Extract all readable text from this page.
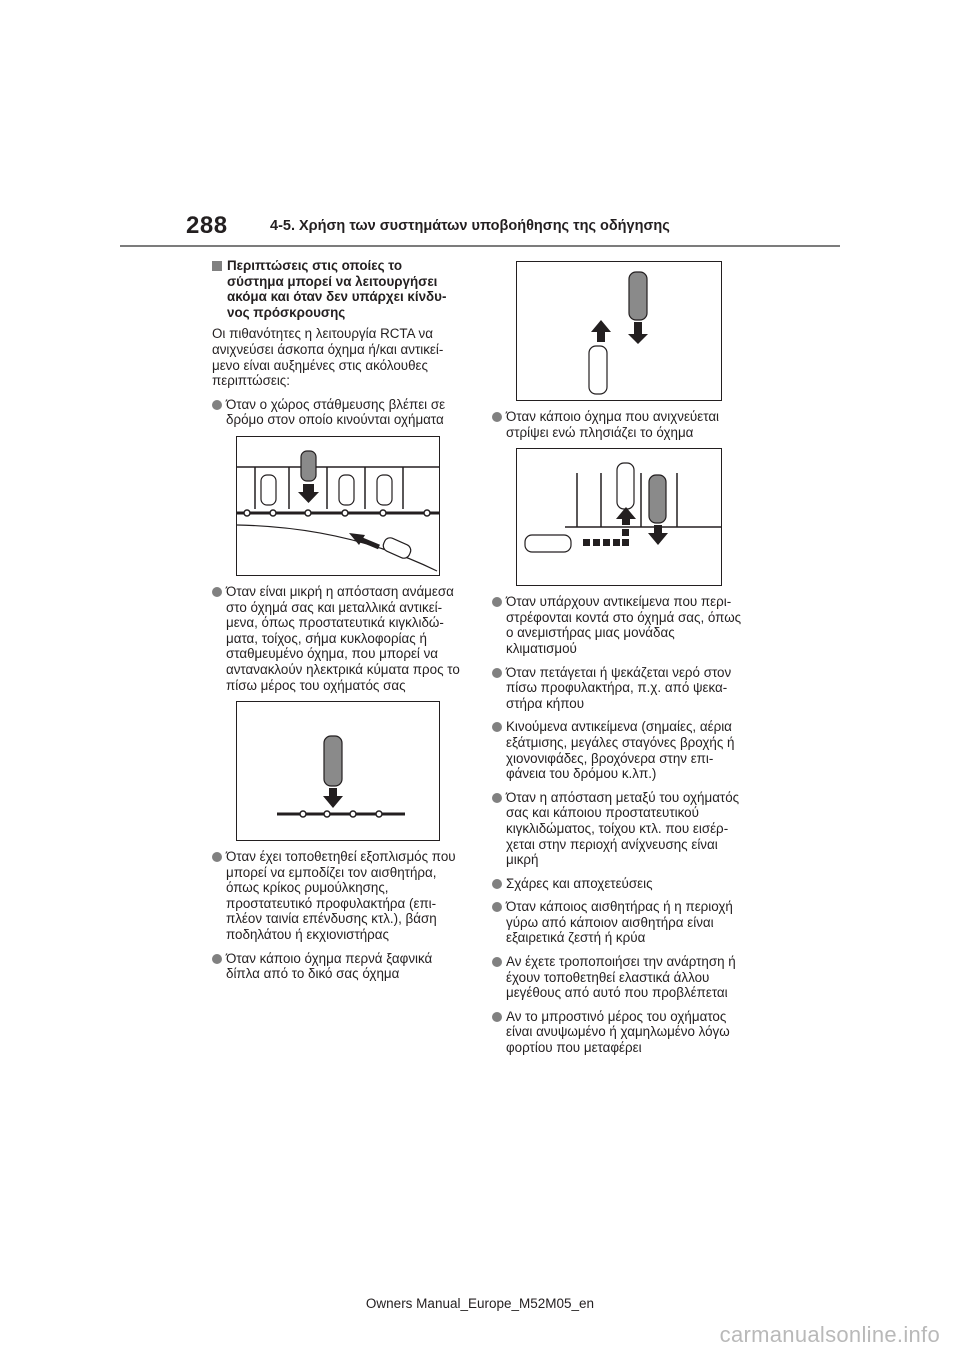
288	4-5. Χρήση των συστημάτων υποβοήθησης της οδήγησης
Περιπτώσεις στις οποίες το σύστημα μπορεί να λειτουργήσει ακόμα και όταν δεν υπάρχει κίνδυνος πρόσκρουσης

Οι πιθανότητες η λειτουργία RCTA να ανιχνεύσει άσκοπα όχημα ή/και αντικείμενο είναι αυξημένες στις ακόλουθες περιπτώσεις:

Όταν ο χώρος στάθμευσης βλέπει σε δρόμο στον οποίο κινούνται οχήματα
Όταν είναι μικρή η απόσταση ανάμεσα στο όχημά σας και μεταλλικά αντικείμενα, όπως προστατευτικά κιγκλιδώματα, τοίχος, σήμα κυκλοφορίας ή σταθμευμένο όχημα, που μπορεί να αντανακλούν ηλεκτρικά κύματα προς το πίσω μέρος του οχήματός σας
Όταν έχει τοποθετηθεί εξοπλισμός που μπορεί να εμποδίζει τον αισθητήρα, όπως κρίκος ρυμούλκησης, προστατευτικό προφυλακτήρα (επιπλέον ταινία επένδυσης κτλ.), βάση ποδηλάτου ή εκχιονιστήρας
Όταν κάποιο όχημα περνά ξαφνικά δίπλα από το δικό σας όχημα
Όταν κάποιο όχημα που ανιχνεύεται στρίψει ενώ πλησιάζει το όχημα
Όταν υπάρχουν αντικείμενα που περιστρέφονται κοντά στο όχημά σας, όπως ο ανεμιστήρας μιας μονάδας κλιματισμού
Όταν πετάγεται ή ψεκάζεται νερό στον πίσω προφυλακτήρα, π.χ. από ψεκαστήρα κήπου
Κινούμενα αντικείμενα (σημαίες, αέρια εξάτμισης, μεγάλες σταγόνες βροχής ή χιονονιφάδες, βροχόνερα στην επιφάνεια του δρόμου κ.λπ.)
Όταν η απόσταση μεταξύ του οχήματός σας και κάποιου προστατευτικού κιγκλιδώματος, τοίχου κτλ. που εισέρχεται στην περιοχή ανίχνευσης είναι μικρή
Σχάρες και αποχετεύσεις
Όταν κάποιος αισθητήρας ή η περιοχή γύρω από κάποιον αισθητήρα είναι εξαιρετικά ζεστή ή κρύα
Αν έχετε τροποποιήσει την ανάρτηση ή έχουν τοποθετηθεί ελαστικά άλλου μεγέθους από αυτό που προβλέπεται
Αν το μπροστινό μέρος του οχήματος είναι ανυψωμένο ή χαμηλωμένο λόγω φορτίου που μεταφέρει
Owners Manual_Europe_M52M05_en
carmanualsonline.info
